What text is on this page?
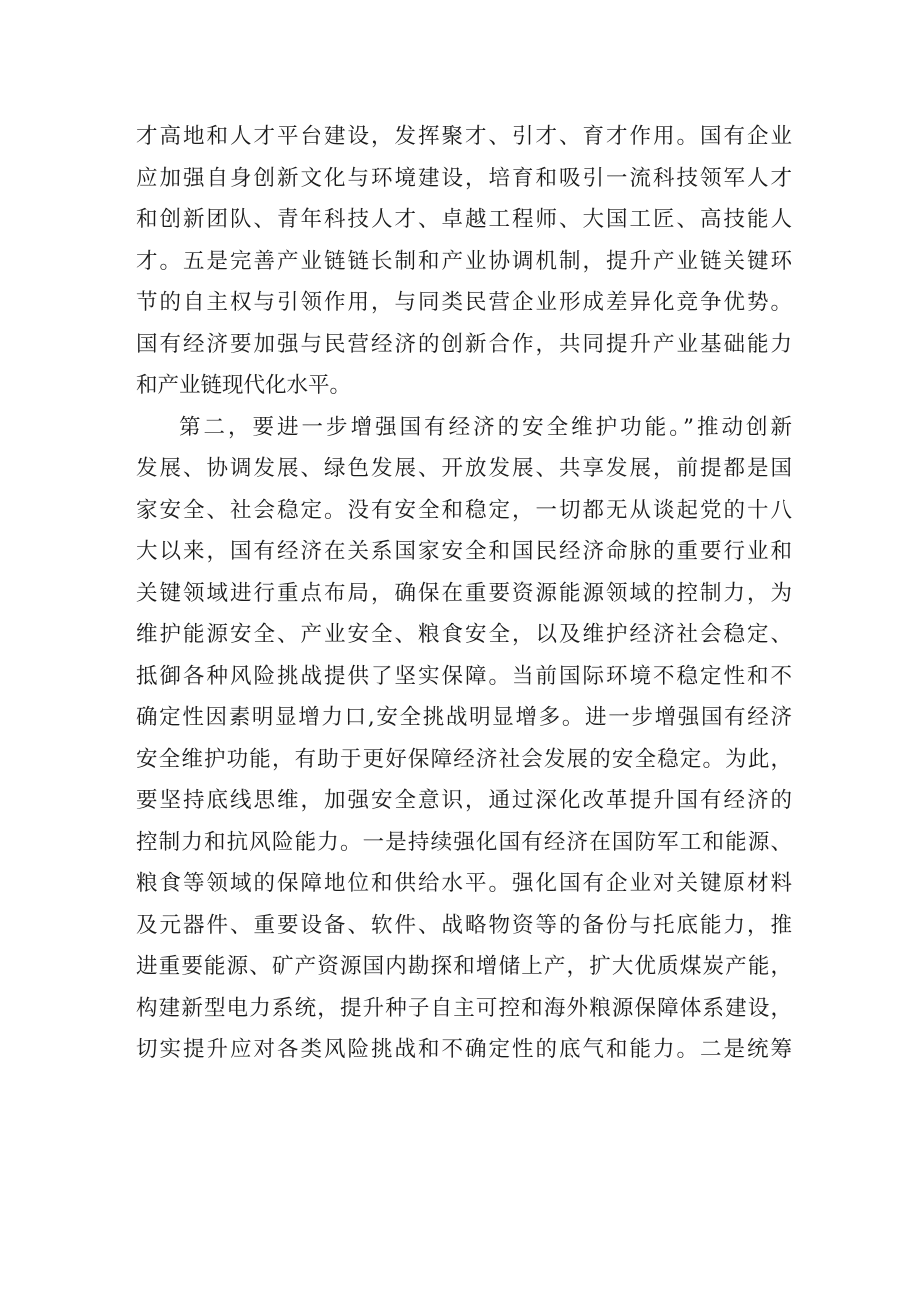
才高地和人才平台建设，发挥聚才、引才、育才作用。国有企业
应加强自身创新文化与环境建设，培育和吸引一流科技领军人才
和创新团队、青年科技人才、卓越工程师、大国工匠、高技能人
才。五是完善产业链链长制和产业协调机制，提升产业链关键环
节的自主权与引领作用，与同类民营企业形成差异化竞争优势。
国有经济要加强与民营经济的创新合作，共同提升产业基础能力
和产业链现代化水平。
第二，要进一步增强国有经济的安全维护功能。”推动创新
发展、协调发展、绿色发展、开放发展、共享发展，前提都是国
家安全、社会稳定。没有安全和稳定，一切都无从谈起党的十八
大以来，国有经济在关系国家安全和国民经济命脉的重要行业和
关键领域进行重点布局，确保在重要资源能源领域的控制力，为
维护能源安全、产业安全、粮食安全，以及维护经济社会稳定、
抵御各种风险挑战提供了坚实保障。当前国际环境不稳定性和不
确定性因素明显增力口,安全挑战明显增多。进一步增强国有经济
安全维护功能，有助于更好保障经济社会发展的安全稳定。为此，
要坚持底线思维，加强安全意识，通过深化改革提升国有经济的
控制力和抗风险能力。一是持续强化国有经济在国防军工和能源、
粮食等领域的保障地位和供给水平。强化国有企业对关键原材料
及元器件、重要设备、软件、战略物资等的备份与托底能力，推
进重要能源、矿产资源国内勘探和增储上产，扩大优质煤炭产能，
构建新型电力系统，提升种子自主可控和海外粮源保障体系建设，
切实提升应对各类风险挑战和不确定性的底气和能力。二是统筹
